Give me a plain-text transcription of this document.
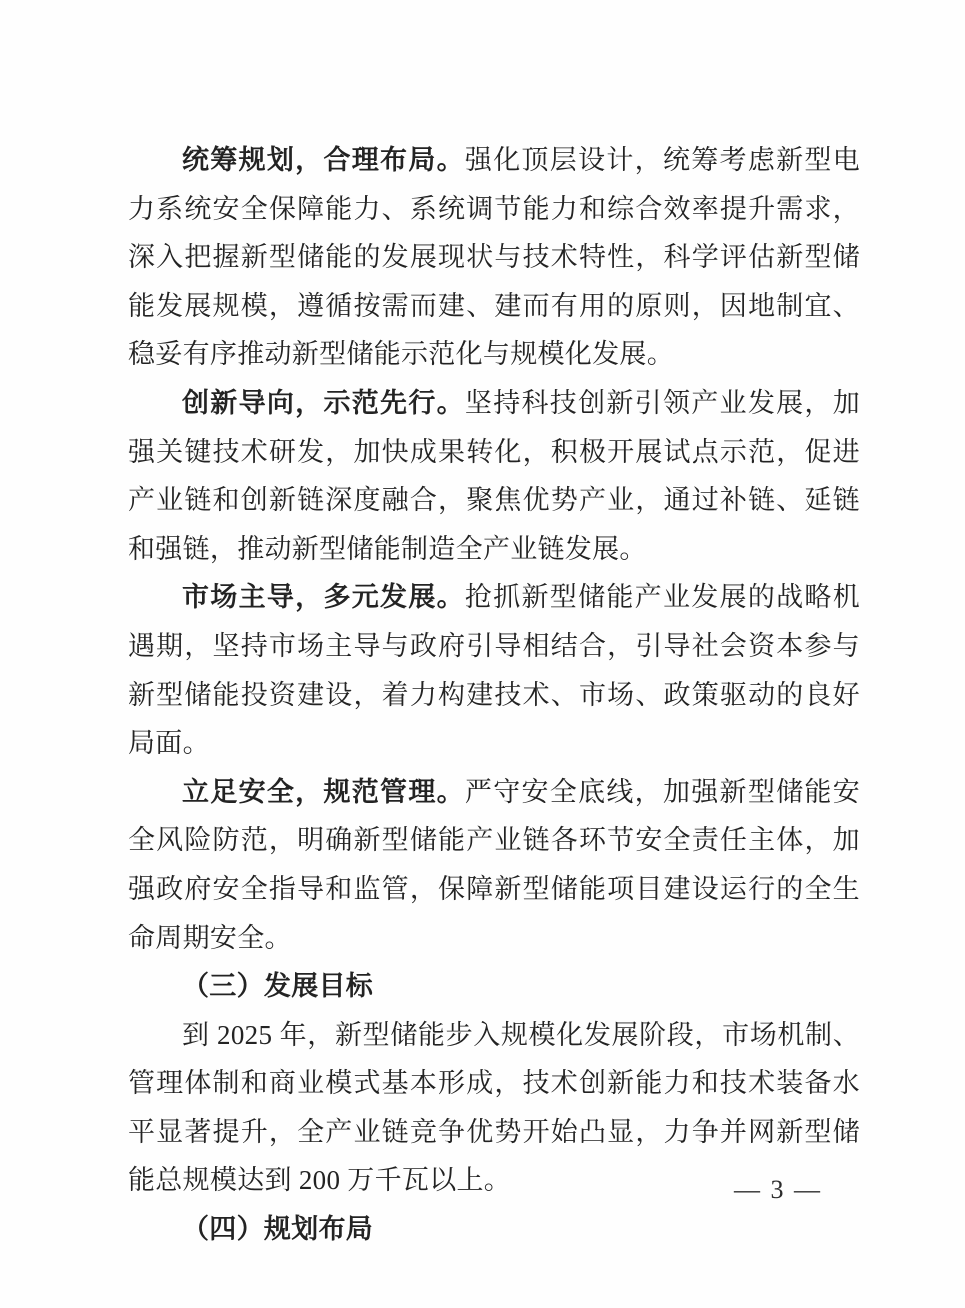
统筹规划，合理布局。强化顶层设计，统筹考虑新型电力系统安全保障能力、系统调节能力和综合效率提升需求，深入把握新型储能的发展现状与技术特性，科学评估新型储能发展规模，遵循按需而建、建而有用的原则，因地制宜、稳妥有序推动新型储能示范化与规模化发展。

创新导向，示范先行。坚持科技创新引领产业发展，加强关键技术研发，加快成果转化，积极开展试点示范，促进产业链和创新链深度融合，聚焦优势产业，通过补链、延链和强链，推动新型储能制造全产业链发展。

市场主导，多元发展。抢抓新型储能产业发展的战略机遇期，坚持市场主导与政府引导相结合，引导社会资本参与新型储能投资建设，着力构建技术、市场、政策驱动的良好局面。

立足安全，规范管理。严守安全底线，加强新型储能安全风险防范，明确新型储能产业链各环节安全责任主体，加强政府安全指导和监管，保障新型储能项目建设运行的全生命周期安全。

（三）发展目标

到 2025 年，新型储能步入规模化发展阶段，市场机制、管理体制和商业模式基本形成，技术创新能力和技术装备水平显著提升，全产业链竞争优势开始凸显，力争并网新型储能总规模达到 200 万千瓦以上。

（四）规划布局

— 3 —
